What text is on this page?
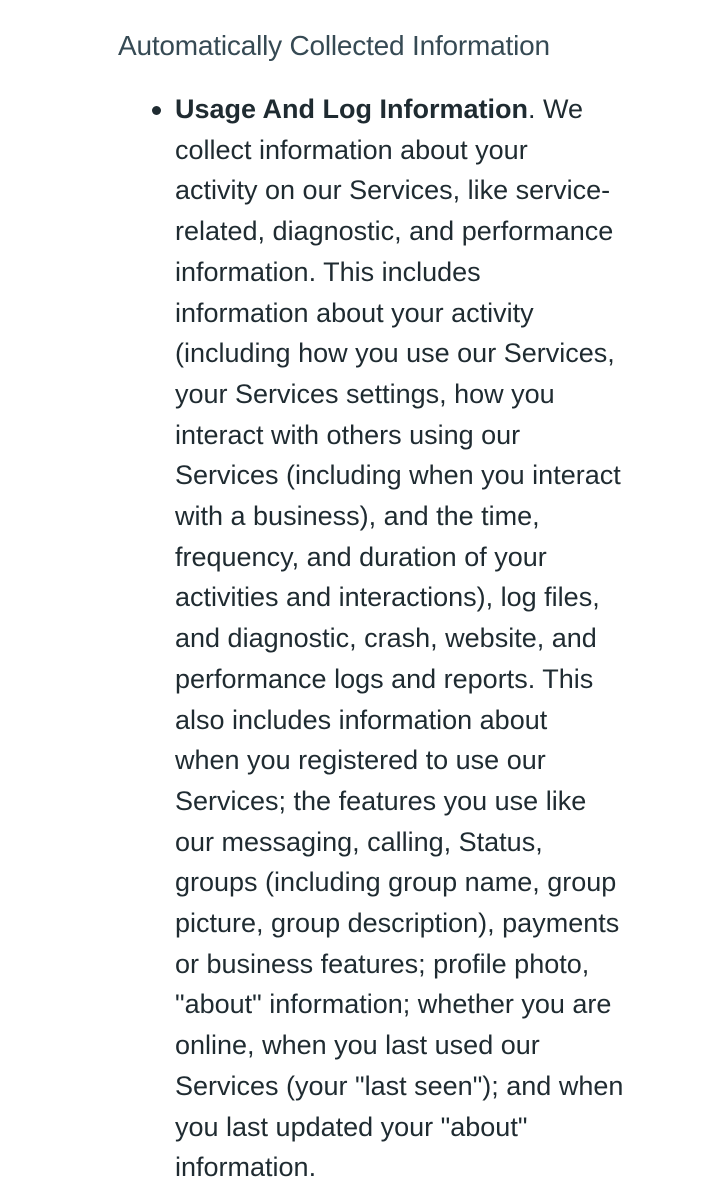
Automatically Collected Information
Usage And Log Information. We
collect information about your
activity on our Services, like service-
related, diagnostic, and performance
information. This includes
information about your activity
(including how you use our Services,
your Services settings, how you
interact with others using our
Services (including when you interact
with a business), and the time,
frequency, and duration of your
activities and interactions), log files,
and diagnostic, crash, website, and
performance logs and reports. This
also includes information about
when you registered to use our
Services; the features you use like
our messaging, calling, Status,
groups (including group name, group
picture, group description), payments
or business features; profile photo,
"about" information; whether you are
online, when you last used our
Services (your "last seen"); and when
you last updated your "about"
information.
